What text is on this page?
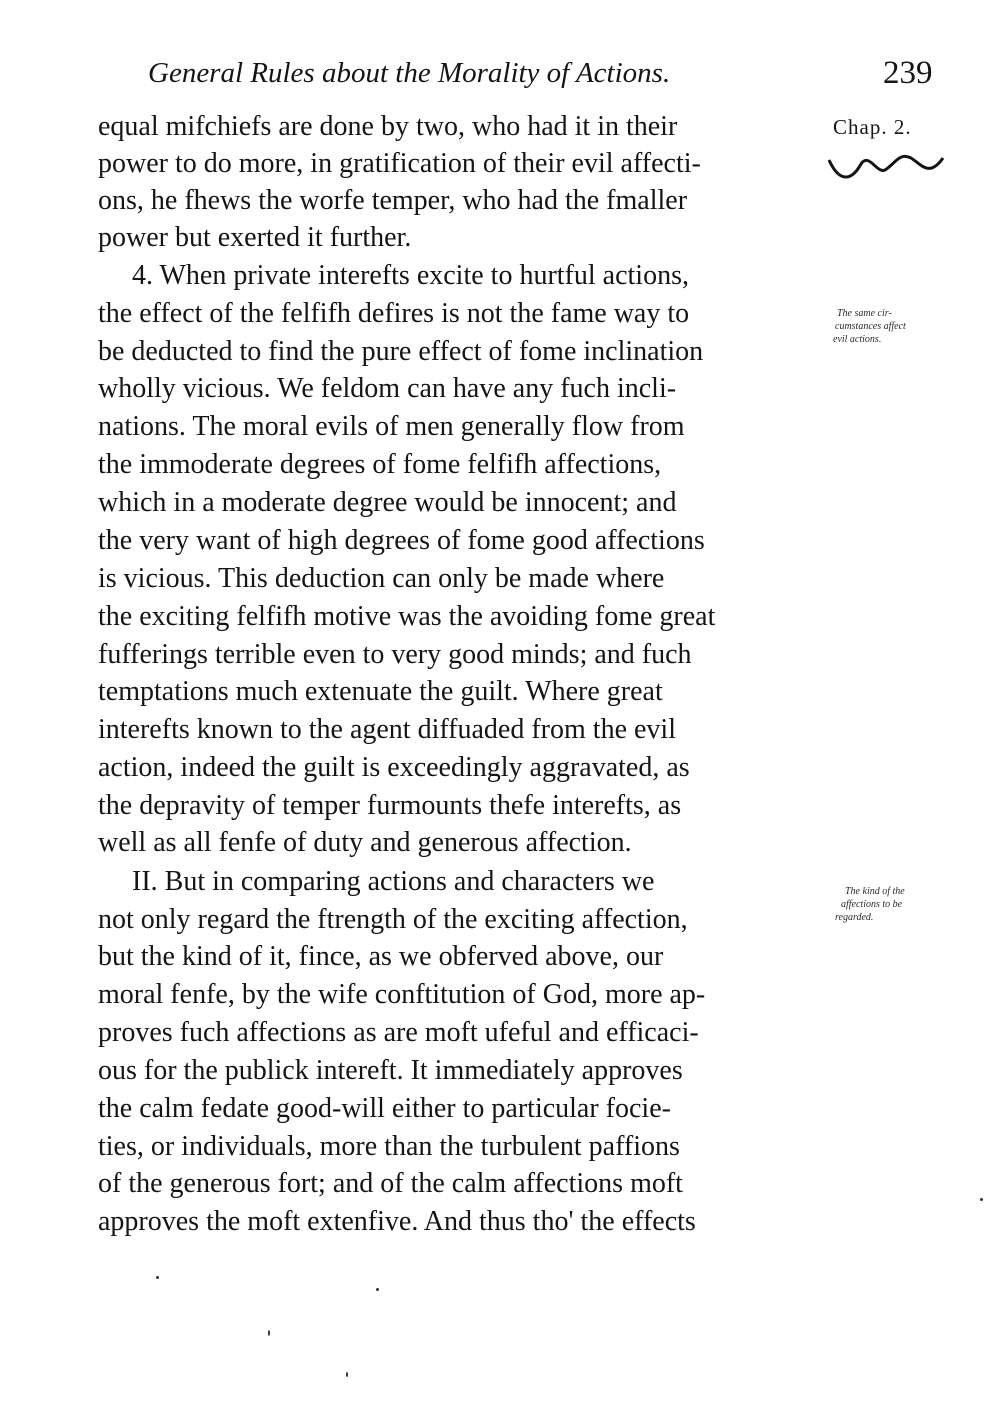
General Rules about the Morality of Actions.	239
Chap. 2.
The same cir-
cumstances affect
evil actions.
The kind of the
affections to be
regarded.
equal mifchiefs are done by two, who had it in their
power to do more, in gratification of their evil affecti-
ons, he fhews the worfe temper, who had the fmaller
power but exerted it further.
4. When private interefts excite to hurtful actions,
the effect of the felfifh defires is not the fame way to
be deducted to find the pure effect of fome inclination
wholly vicious. We feldom can have any fuch incli-
nations. The moral evils of men generally flow from
the immoderate degrees of fome felfifh affections,
which in a moderate degree would be innocent; and
the very want of high degrees of fome good affections
is vicious. This deduction can only be made where
the exciting felfifh motive was the avoiding fome great
fufferings terrible even to very good minds; and fuch
temptations much extenuate the guilt. Where great
interefts known to the agent diffuaded from the evil
action, indeed the guilt is exceedingly aggravated, as
the depravity of temper furmounts thefe interefts, as
well as all fenfe of duty and generous affection.
II. But in comparing actions and characters we
not only regard the ftrength of the exciting affection,
but the kind of it, fince, as we obferved above, our
moral fenfe, by the wife conftitution of God, more ap-
proves fuch affections as are moft ufeful and efficaci-
ous for the publick intereft. It immediately approves
the calm fedate good-will either to particular focie-
ties, or individuals, more than the turbulent paffions
of the generous fort; and of the calm affections moft
approves the moft extenfive. And thus tho' the effects
